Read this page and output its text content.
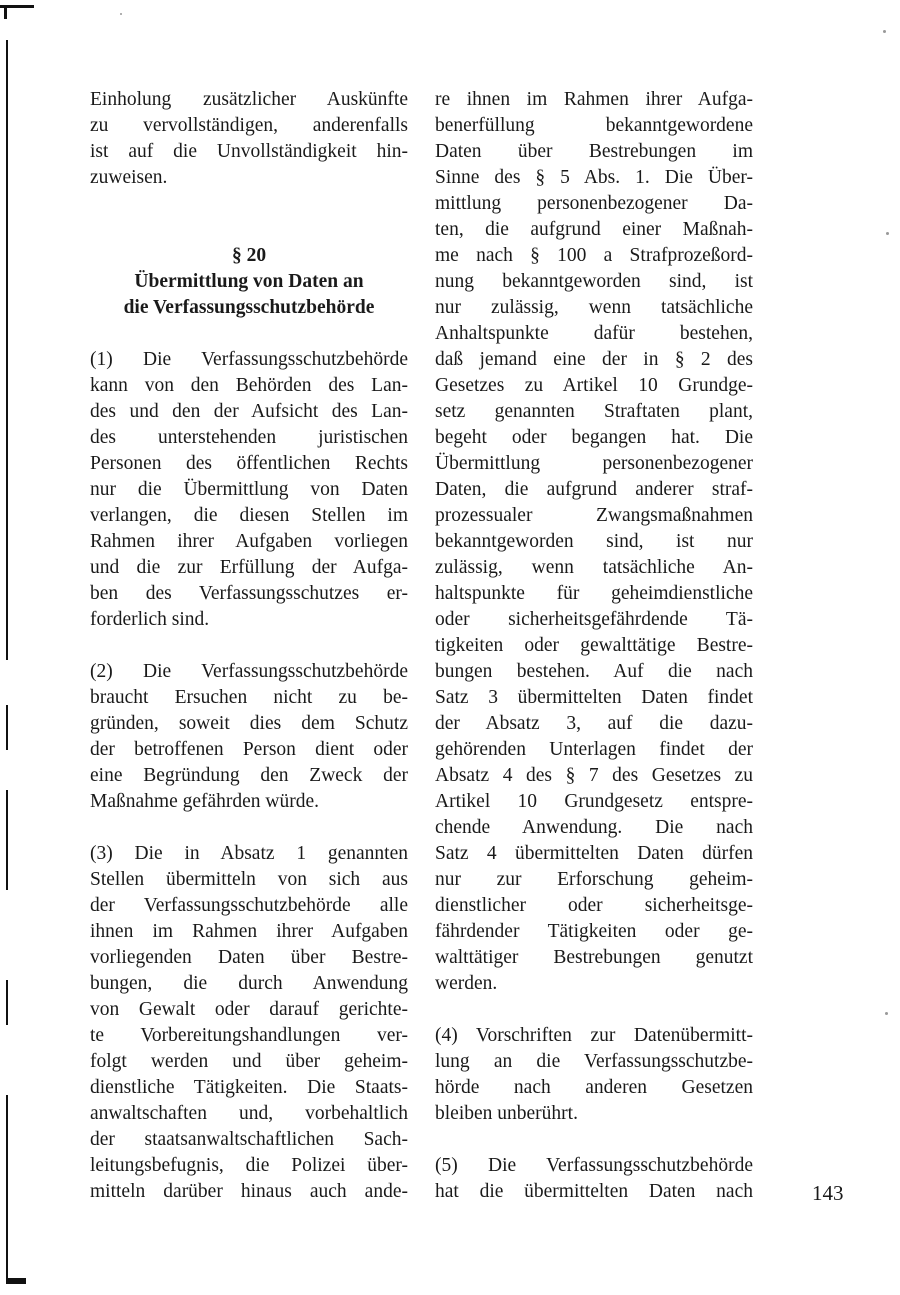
Einholung zusätzlicher Auskünfte
zu vervollständigen, anderenfalls
ist auf die Unvollständigkeit hin-
zuweisen.
§ 20
Übermittlung von Daten an
die Verfassungsschutzbehörde
(1) Die Verfassungsschutzbehörde
kann von den Behörden des Lan-
des und den der Aufsicht des Lan-
des unterstehenden juristischen
Personen des öffentlichen Rechts
nur die Übermittlung von Daten
verlangen, die diesen Stellen im
Rahmen ihrer Aufgaben vorliegen
und die zur Erfüllung der Aufga-
ben des Verfassungsschutzes er-
forderlich sind.
(2) Die Verfassungsschutzbehörde
braucht Ersuchen nicht zu be-
gründen, soweit dies dem Schutz
der betroffenen Person dient oder
eine Begründung den Zweck der
Maßnahme gefährden würde.
(3) Die in Absatz 1 genannten
Stellen übermitteln von sich aus
der Verfassungsschutzbehörde alle
ihnen im Rahmen ihrer Aufgaben
vorliegenden Daten über Bestre-
bungen, die durch Anwendung
von Gewalt oder darauf gerichte-
te Vorbereitungshandlungen ver-
folgt werden und über geheim-
dienstliche Tätigkeiten. Die Staats-
anwaltschaften und, vorbehaltlich
der staatsanwaltschaftlichen Sach-
leitungsbefugnis, die Polizei über-
mitteln darüber hinaus auch ande-
re ihnen im Rahmen ihrer Aufga-
benerfüllung bekanntgewordene
Daten über Bestrebungen im
Sinne des § 5 Abs. 1. Die Über-
mittlung personenbezogener Da-
ten, die aufgrund einer Maßnah-
me nach § 100 a Strafprozeßord-
nung bekanntgeworden sind, ist
nur zulässig, wenn tatsächliche
Anhaltspunkte dafür bestehen,
daß jemand eine der in § 2 des
Gesetzes zu Artikel 10 Grundge-
setz genannten Straftaten plant,
begeht oder begangen hat. Die
Übermittlung personenbezogener
Daten, die aufgrund anderer straf-
prozessualer Zwangsmaßnahmen
bekanntgeworden sind, ist nur
zulässig, wenn tatsächliche An-
haltspunkte für geheimdienstliche
oder sicherheitsgefährdende Tä-
tigkeiten oder gewalttätige Bestre-
bungen bestehen. Auf die nach
Satz 3 übermittelten Daten findet
der Absatz 3, auf die dazu-
gehörenden Unterlagen findet der
Absatz 4 des § 7 des Gesetzes zu
Artikel 10 Grundgesetz entspre-
chende Anwendung. Die nach
Satz 4 übermittelten Daten dürfen
nur zur Erforschung geheim-
dienstlicher oder sicherheitsge-
fährdender Tätigkeiten oder ge-
walttätiger Bestrebungen genutzt
werden.
(4) Vorschriften zur Datenübermitt-
lung an die Verfassungsschutzbe-
hörde nach anderen Gesetzen
bleiben unberührt.
(5) Die Verfassungsschutzbehörde
hat die übermittelten Daten nach	143
